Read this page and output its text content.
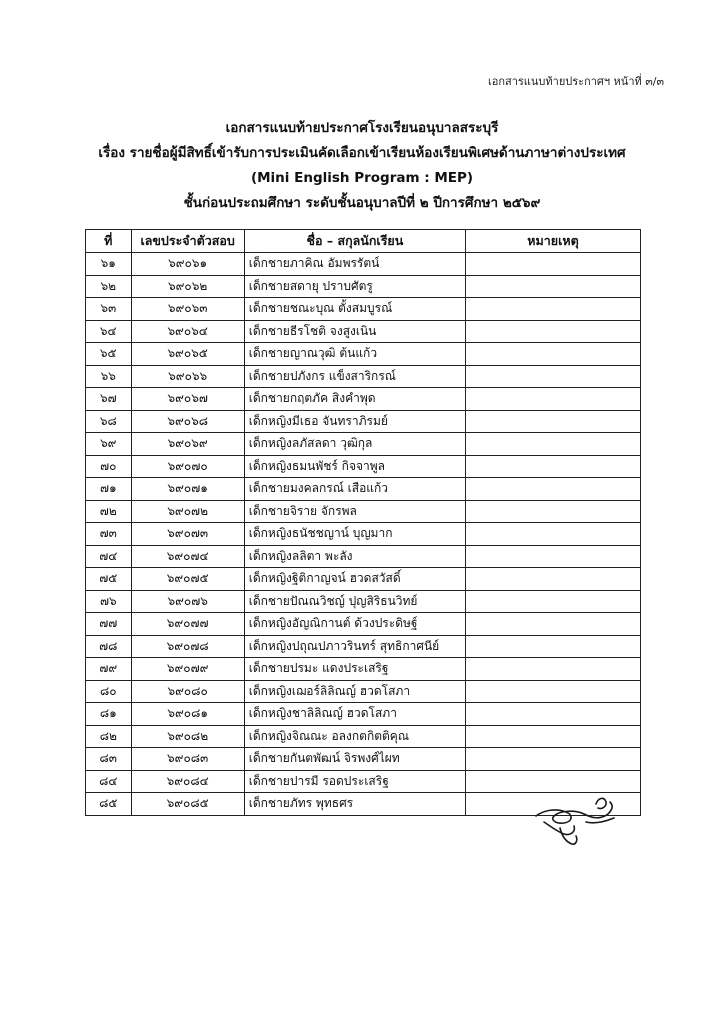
เอกสารแนบท้ายประกาศฯ หน้าที่ ๓/๓
เอกสารแนบท้ายประกาศโรงเรียนอนุบาลสระบุรี
เรื่อง รายชื่อผู้มีสิทธิ์เข้ารับการประเมินคัดเลือกเข้าเรียนห้องเรียนพิเศษด้านภาษาต่างประเทศ
(Mini English Program : MEP)
ชั้นก่อนประถมศึกษา ระดับชั้นอนุบาลปีที่ ๒ ปีการศึกษา ๒๕๖๙
ที่	เลขประจำตัวสอบ	ชื่อ – สกุลนักเรียน	หมายเหตุ
๖๑	๖๙๐๖๑	เด็กชายภาคิณ อัมพรรัตน์	
๖๒	๖๙๐๖๒	เด็กชายสดายุ ปราบศัตรู	
๖๓	๖๙๐๖๓	เด็กชายชณะบุณ ตั้งสมบูรณ์	
๖๔	๖๙๐๖๔	เด็กชายธีรโชติ จงสูงเนิน	
๖๕	๖๙๐๖๕	เด็กชายญาณวุฒิ ต้นแก้ว	
๖๖	๖๙๐๖๖	เด็กชายปภังกร แข็งสาริกรณ์	
๖๗	๖๙๐๖๗	เด็กชายกฤตภัค สิงคำพุด	
๖๘	๖๙๐๖๘	เด็กหญิงมีเธอ จันทราภิรมย์	
๖๙	๖๙๐๖๙	เด็กหญิงลภัสลดา วุฒิกุล	
๗๐	๖๙๐๗๐	เด็กหญิงธมนพัชร์ กิจจาพูล	
๗๑	๖๙๐๗๑	เด็กชายมงคลกรณ์ เสือแก้ว	
๗๒	๖๙๐๗๒	เด็กชายจิราย จักรพล	
๗๓	๖๙๐๗๓	เด็กหญิงธนัชชญาน์ บุญมาก	
๗๔	๖๙๐๗๔	เด็กหญิงลลิตา พะลัง	
๗๕	๖๙๐๗๕	เด็กหญิงฐิติกาญจน์ ฮวดสวัสดิ์	
๗๖	๖๙๐๗๖	เด็กชายปัณณวิชญ์ ปุญสิริธนวิทย์	
๗๗	๖๙๐๗๗	เด็กหญิงอัญณิกานต์ ด้วงประดิษฐ์	
๗๘	๖๙๐๗๘	เด็กหญิงปถุณปภาวรินทร์ สุทธิกาศนีย์	
๗๙	๖๙๐๗๙	เด็กชายปรมะ แดงประเสริฐ	
๘๐	๖๙๐๘๐	เด็กหญิงเฌอร์ลิลิณญ์ ฮวดโสภา	
๘๑	๖๙๐๘๑	เด็กหญิงชาลิลิณญ์ ฮวดโสภา	
๘๒	๖๙๐๘๒	เด็กหญิงจิณณะ อลงกตกิตติคุณ	
๘๓	๖๙๐๘๓	เด็กชายกันตพัฒน์ จิรพงศ์ไผท	
๘๔	๖๙๐๘๔	เด็กชายปารมี รอดประเสริฐ	
๘๕	๖๙๐๘๕	เด็กชายภัทร พุทธศร	
